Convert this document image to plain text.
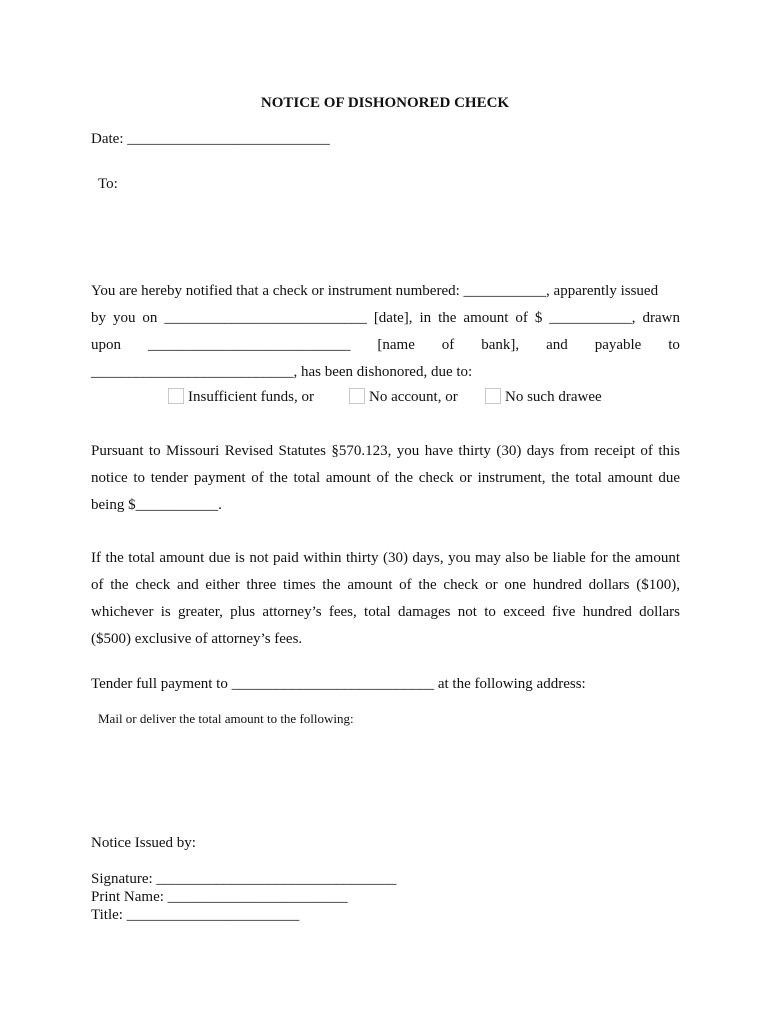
NOTICE OF DISHONORED CHECK
Date: ___________________________
To:
You are hereby notified that a check or instrument numbered: ___________, apparently issued
by you on ___________________________ [date], in the amount of $ ___________, drawn
upon ___________________________ [name of bank], and payable to
___________________________, has been dishonored, due to:
Insufficient funds, or	No account, or	No such drawee
Pursuant to Missouri Revised Statutes §570.123, you have thirty (30) days from receipt of this
notice to tender payment of the total amount of the check or instrument, the total amount due
being $___________.
If the total amount due is not paid within thirty (30) days, you may also be liable for the amount
of the check and either three times the amount of the check or one hundred dollars ($100),
whichever is greater, plus attorney’s fees, total damages not to exceed five hundred dollars
($500) exclusive of attorney’s fees.
Tender full payment to ___________________________ at the following address:
Mail or deliver the total amount to the following:
Notice Issued by:
Signature: ________________________________
Print Name: ________________________
Title: _______________________
